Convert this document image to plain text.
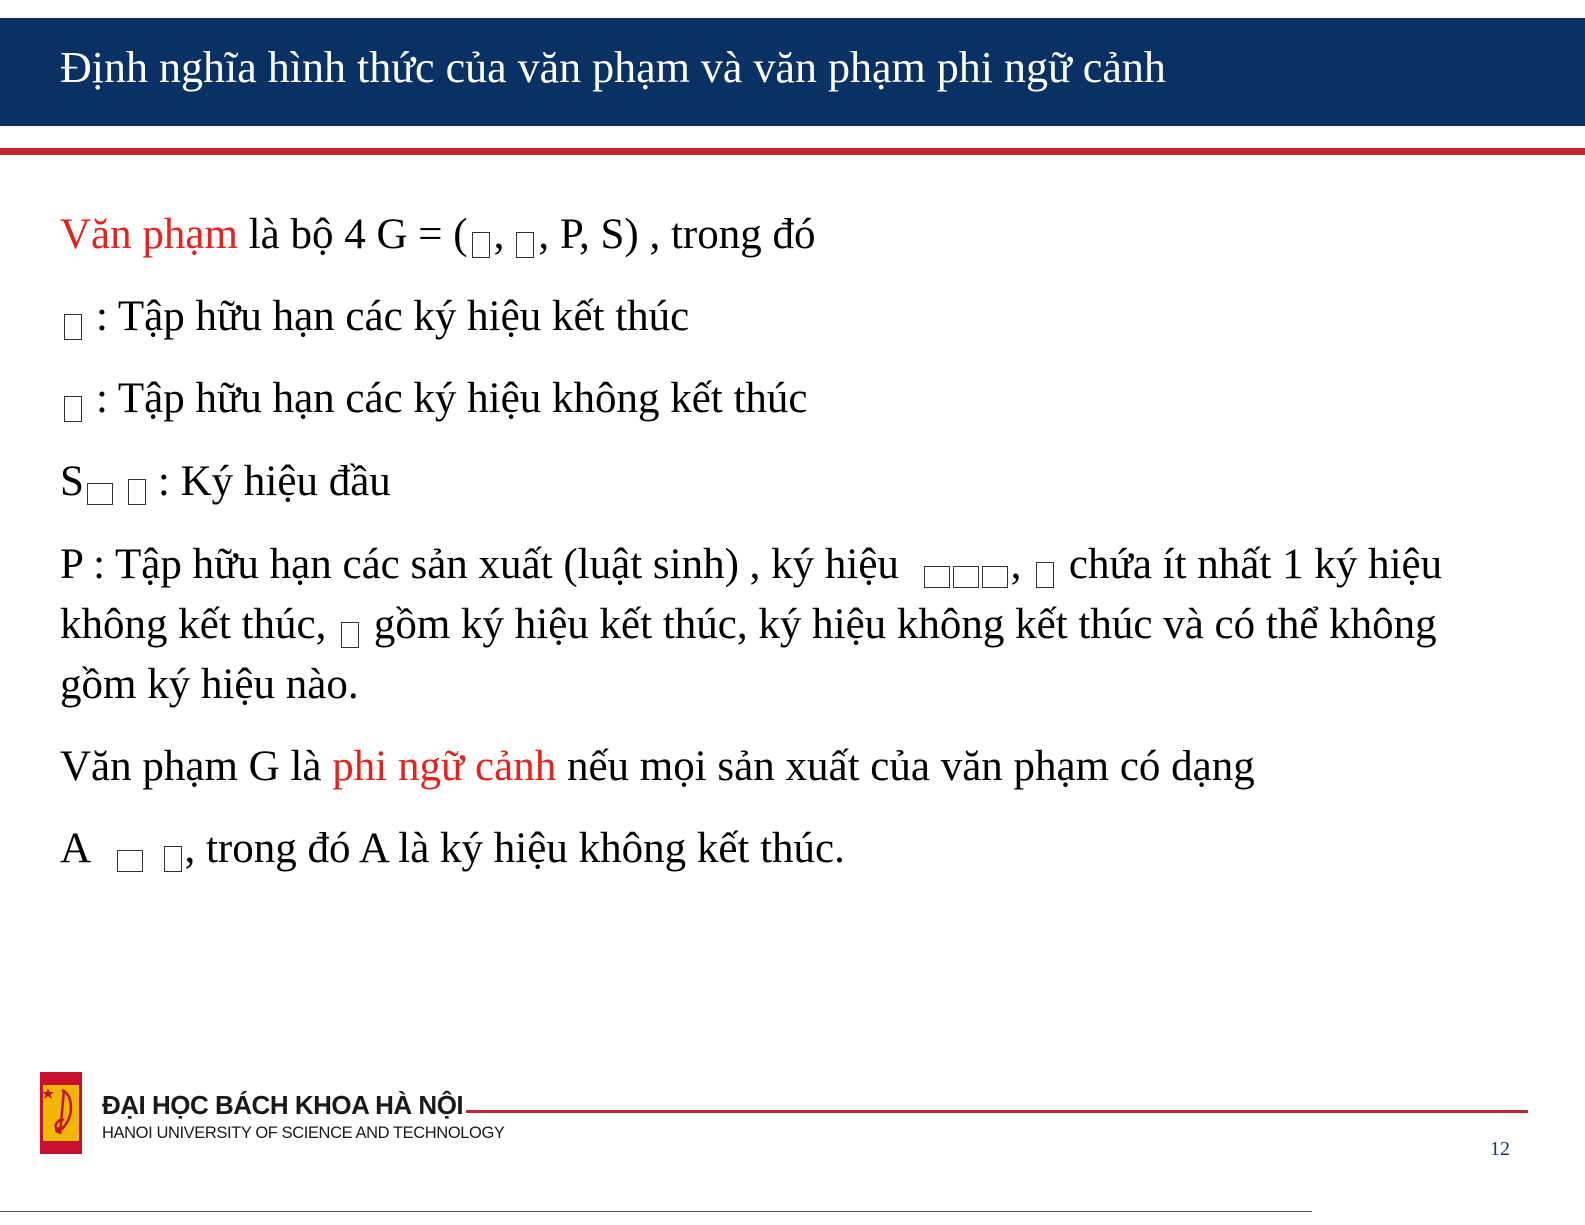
Định nghĩa hình thức của văn phạm và văn phạm phi ngữ cảnh
Văn phạm là bộ 4 G = ( , , P, S) , trong đó
: Tập hữu hạn các ký hiệu kết thúc
: Tập hữu hạn các ký hiệu không kết thúc
S : Ký hiệu đầu
P : Tập hữu hạn các sản xuất (luật sinh) , ký hiệu ,  chứa ít nhất 1 ký hiệu không kết thúc,  gồm ký hiệu kết thúc, ký hiệu không kết thúc và có thể không gồm ký hiệu nào.
Văn phạm G là phi ngữ cảnh nếu mọi sản xuất của văn phạm có dạng
A , trong đó A là ký hiệu không kết thúc.
ĐẠI HỌC BÁCH KHOA HÀ NỘI
HANOI UNIVERSITY OF SCIENCE AND TECHNOLOGY
12
